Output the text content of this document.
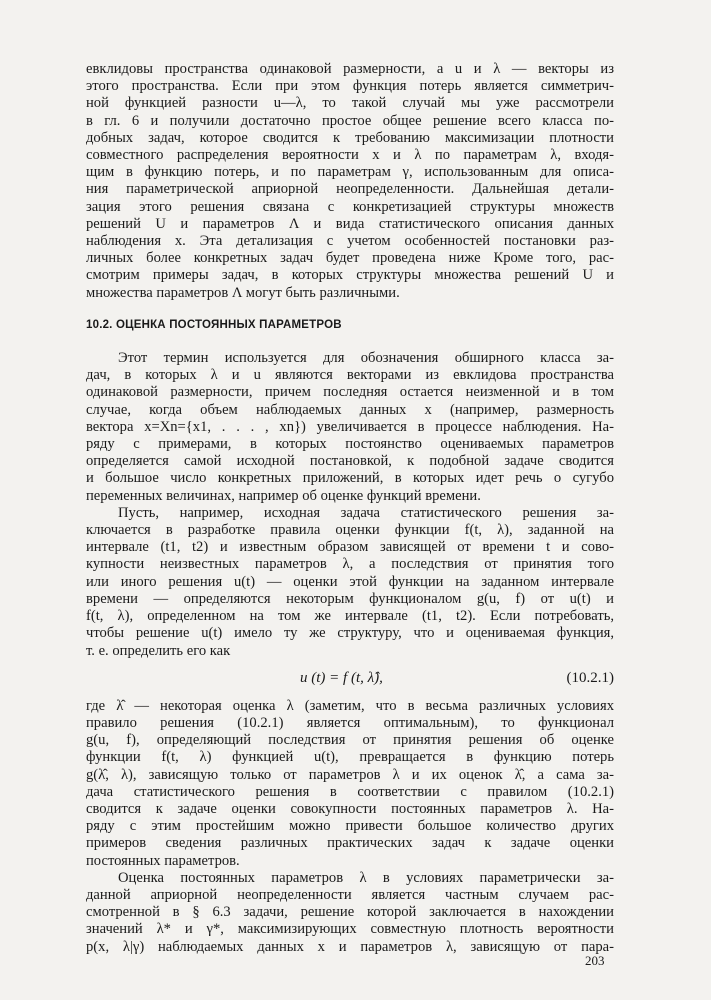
евклидовы пространства одинаковой размерности, а u и λ — векторы из
этого пространства. Если при этом функция потерь является симметрич-
ной функцией разности u—λ, то такой случай мы уже рассмотрели
в гл. 6 и получили достаточно простое общее решение всего класса по-
добных задач, которое сводится к требованию максимизации плотности
совместного распределения вероятности x и λ по параметрам λ, входя-
щим в функцию потерь, и по параметрам γ, использованным для описа-
ния параметрической априорной неопределенности. Дальнейшая детали-
зация этого решения связана с конкретизацией структуры множеств
решений U и параметров Λ и вида статистического описания данных
наблюдения x. Эта детализация с учетом особенностей постановки раз-
личных более конкретных задач будет проведена ниже Кроме того, рас-
смотрим примеры задач, в которых структуры множества решений U и
множества параметров Λ могут быть различными.
10.2. ОЦЕНКА ПОСТОЯННЫХ ПАРАМЕТРОВ
Этот термин используется для обозначения обширного класса за-
дач, в которых λ и u являются векторами из евклидова пространства
одинаковой размерности, причем последняя остается неизменной и в том
случае, когда объем наблюдаемых данных x (например, размерность
вектора x=Xn={x1, . . . , xn}) увеличивается в процессе наблюдения. На-
ряду с примерами, в которых постоянство оцениваемых параметров
определяется самой исходной постановкой, к подобной задаче сводится
и большое число конкретных приложений, в которых идет речь о сугубо
переменных величинах, например об оценке функций времени.
Пусть, например, исходная задача статистического решения за-
ключается в разработке правила оценки функции f(t, λ), заданной на
интервале (t1, t2) и известным образом зависящей от времени t и сово-
купности неизвестных параметров λ, а последствия от принятия того
или иного решения u(t) — оценки этой функции на заданном интервале
времени — определяются некоторым функционалом g(u, f) от u(t) и
f(t, λ), определенном на том же интервале (t1, t2). Если потребовать,
чтобы решение u(t) имело ту же структуру, что и оцениваемая функция,
т. е. определить его как
u (t) = f (t, λ̂),	(10.2.1)
где λ̂ — некоторая оценка λ (заметим, что в весьма различных условиях
правило решения (10.2.1) является оптимальным), то функционал
g(u, f), определяющий последствия от принятия решения об оценке
функции f(t, λ) функцией u(t), превращается в функцию потерь
g(λ̂, λ), зависящую только от параметров λ и их оценок λ̂, а сама за-
дача статистического решения в соответствии с правилом (10.2.1)
сводится к задаче оценки совокупности постоянных параметров λ. На-
ряду с этим простейшим можно привести большое количество других
примеров сведения различных практических задач к задаче оценки
постоянных параметров.
Оценка постоянных параметров λ в условиях параметрически за-
данной априорной неопределенности является частным случаем рас-
смотренной в § 6.3 задачи, решение которой заключается в нахождении
значений λ* и γ*, максимизирующих совместную плотность вероятности
p(x, λ|γ) наблюдаемых данных x и параметров λ, зависящую от пара-
203
